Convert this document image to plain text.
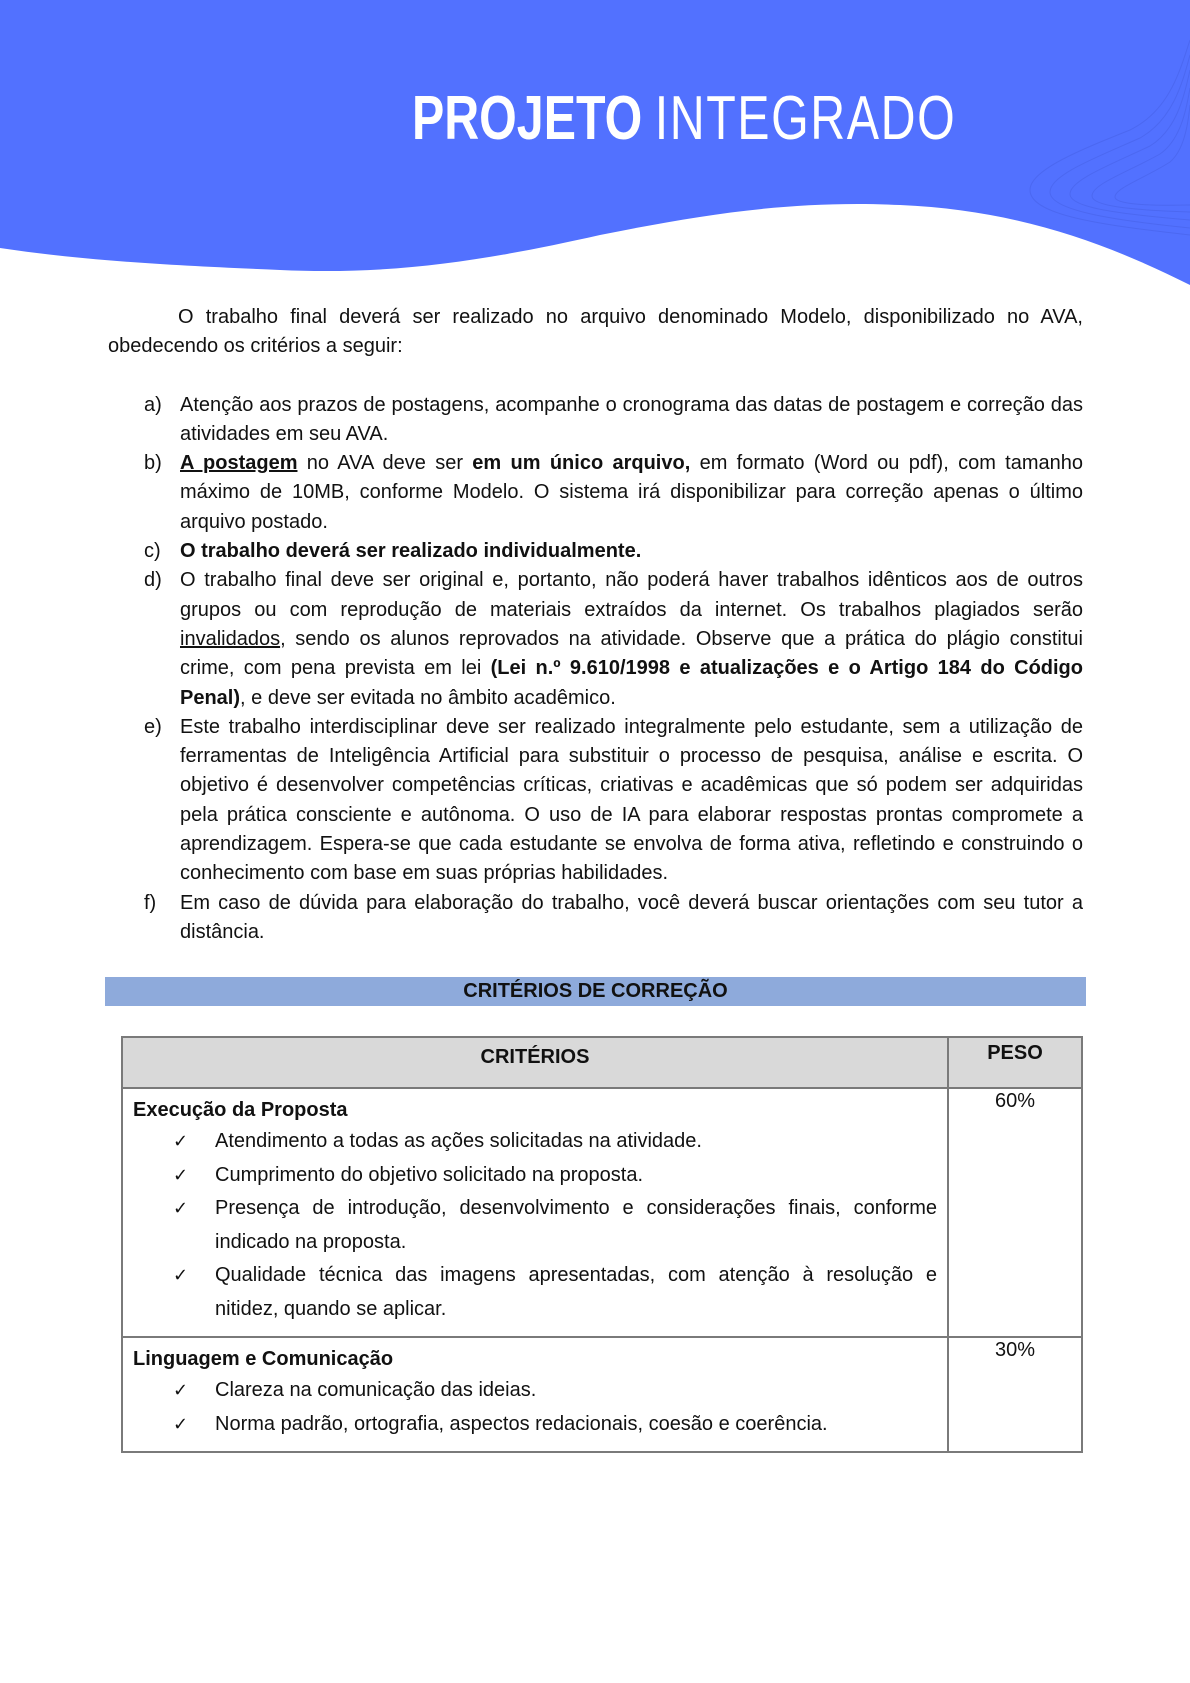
PROJETO INTEGRADO

O trabalho final deverá ser realizado no arquivo denominado Modelo, disponibilizado no AVA, obedecendo os critérios a seguir:

a) Atenção aos prazos de postagens, acompanhe o cronograma das datas de postagem e correção das atividades em seu AVA.
b) A postagem no AVA deve ser em um único arquivo, em formato (Word ou pdf), com tamanho máximo de 10MB, conforme Modelo. O sistema irá disponibilizar para correção apenas o último arquivo postado.
c) O trabalho deverá ser realizado individualmente.
d) O trabalho final deve ser original e, portanto, não poderá haver trabalhos idênticos aos de outros grupos ou com reprodução de materiais extraídos da internet. Os trabalhos plagiados serão invalidados, sendo os alunos reprovados na atividade. Observe que a prática do plágio constitui crime, com pena prevista em lei (Lei n.º 9.610/1998 e atualizações e o Artigo 184 do Código Penal), e deve ser evitada no âmbito acadêmico.
e) Este trabalho interdisciplinar deve ser realizado integralmente pelo estudante, sem a utilização de ferramentas de Inteligência Artificial para substituir o processo de pesquisa, análise e escrita. O objetivo é desenvolver competências críticas, criativas e acadêmicas que só podem ser adquiridas pela prática consciente e autônoma. O uso de IA para elaborar respostas prontas compromete a aprendizagem. Espera-se que cada estudante se envolva de forma ativa, refletindo e construindo o conhecimento com base em suas próprias habilidades.
f) Em caso de dúvida para elaboração do trabalho, você deverá buscar orientações com seu tutor a distância.
CRITÉRIOS DE CORREÇÃO
CRITÉRIOS	PESO

Execução da Proposta
✓ Atendimento a todas as ações solicitadas na atividade.
✓ Cumprimento do objetivo solicitado na proposta.
✓ Presença de introdução, desenvolvimento e considerações finais, conforme indicado na proposta.
✓ Qualidade técnica das imagens apresentadas, com atenção à resolução e nitidez, quando se aplicar.
	60%

Linguagem e Comunicação
✓ Clareza na comunicação das ideias.
✓ Norma padrão, ortografia, aspectos redacionais, coesão e coerência.
	30%
